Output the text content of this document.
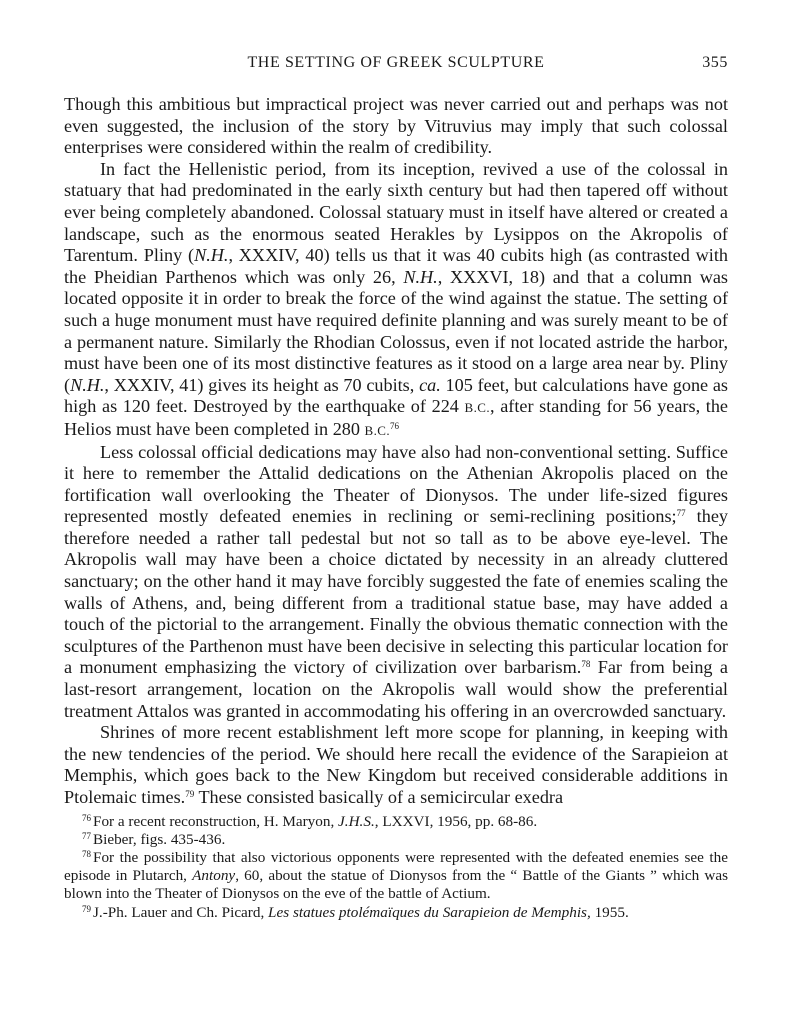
THE SETTING OF GREEK SCULPTURE	355

Though this ambitious but impractical project was never carried out and perhaps was not even suggested, the inclusion of the story by Vitruvius may imply that such colossal enterprises were considered within the realm of credibility.

In fact the Hellenistic period, from its inception, revived a use of the colossal in statuary that had predominated in the early sixth century but had then tapered off without ever being completely abandoned. Colossal statuary must in itself have altered or created a landscape, such as the enormous seated Herakles by Lysippos on the Akropolis of Tarentum. Pliny (N.H., XXXIV, 40) tells us that it was 40 cubits high (as contrasted with the Pheidian Parthenos which was only 26, N.H., XXXVI, 18) and that a column was located opposite it in order to break the force of the wind against the statue. The setting of such a huge monument must have required definite planning and was surely meant to be of a permanent nature. Similarly the Rhodian Colossus, even if not located astride the harbor, must have been one of its most distinctive features as it stood on a large area near by. Pliny (N.H., XXXIV, 41) gives its height as 70 cubits, ca. 105 feet, but calculations have gone as high as 120 feet. Destroyed by the earthquake of 224 B.C., after standing for 56 years, the Helios must have been completed in 280 B.C.$^{76}$

Less colossal official dedications may have also had non-conventional setting. Suffice it here to remember the Attalid dedications on the Athenian Akropolis placed on the fortification wall overlooking the Theater of Dionysos. The under life-sized figures represented mostly defeated enemies in reclining or semi-reclining positions;$^{77}$ they therefore needed a rather tall pedestal but not so tall as to be above eye-level. The Akropolis wall may have been a choice dictated by necessity in an already cluttered sanctuary; on the other hand it may have forcibly suggested the fate of enemies scaling the walls of Athens, and, being different from a traditional statue base, may have added a touch of the pictorial to the arrangement. Finally the obvious thematic connection with the sculptures of the Parthenon must have been decisive in selecting this particular location for a monument emphasizing the victory of civilization over barbarism.$^{78}$ Far from being a last-resort arrangement, location on the Akropolis wall would show the preferential treatment Attalos was granted in accommodating his offering in an overcrowded sanctuary.

Shrines of more recent establishment left more scope for planning, in keeping with the new tendencies of the period. We should here recall the evidence of the Sarapieion at Memphis, which goes back to the New Kingdom but received considerable additions in Ptolemaic times.$^{79}$ These consisted basically of a semicircular exedra

$^{76}$ For a recent reconstruction, H. Maryon, J.H.S., LXXVI, 1956, pp. 68-86.

$^{77}$ Bieber, figs. 435-436.

$^{78}$ For the possibility that also victorious opponents were represented with the defeated enemies see the episode in Plutarch, Antony, 60, about the statue of Dionysos from the “ Battle of the Giants ” which was blown into the Theater of Dionysos on the eve of the battle of Actium.

$^{79}$ J.-Ph. Lauer and Ch. Picard, Les statues ptolémaïques du Sarapieion de Memphis, 1955.
